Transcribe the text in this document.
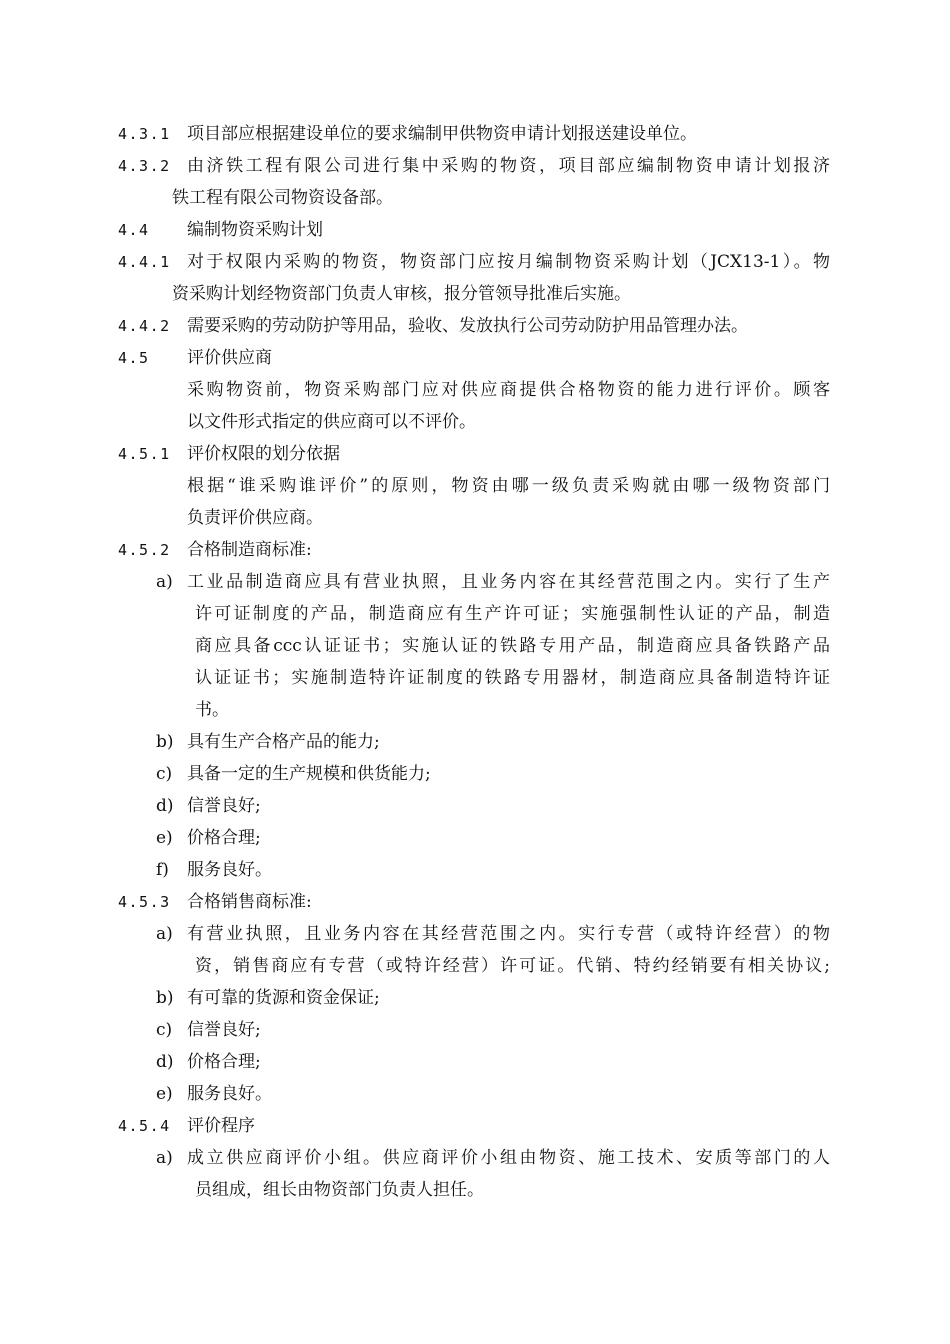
4.3.1 项目部应根据建设单位的要求编制甲供物资申请计划报送建设单位。
4.3.2 由济铁工程有限公司进行集中采购的物资，项目部应编制物资申请计划报济
铁工程有限公司物资设备部。
4.4 编制物资采购计划
4.4.1 对于权限内采购的物资，物资部门应按月编制物资采购计划（JCX13-1）。物
资采购计划经物资部门负责人审核，报分管领导批准后实施。
4.4.2 需要采购的劳动防护等用品，验收、发放执行公司劳动防护用品管理办法。
4.5 评价供应商
采购物资前，物资采购部门应对供应商提供合格物资的能力进行评价。顾客
以文件形式指定的供应商可以不评价。
4.5.1 评价权限的划分依据
根据“谁采购谁评价”的原则，物资由哪一级负责采购就由哪一级物资部门
负责评价供应商。
4.5.2 合格制造商标准:
a) 工业品制造商应具有营业执照，且业务内容在其经营范围之内。实行了生产
许可证制度的产品，制造商应有生产许可证；实施强制性认证的产品，制造
商应具备ccc认证证书；实施认证的铁路专用产品，制造商应具备铁路产品
认证证书；实施制造特许证制度的铁路专用器材，制造商应具备制造特许证
书。
b) 具有生产合格产品的能力;
c) 具备一定的生产规模和供货能力;
d) 信誉良好;
e) 价格合理;
f) 服务良好。
4.5.3 合格销售商标准:
a) 有营业执照，且业务内容在其经营范围之内。实行专营（或特许经营）的物
资，销售商应有专营（或特许经营）许可证。代销、特约经销要有相关协议;
b) 有可靠的货源和资金保证;
c) 信誉良好;
d) 价格合理;
e) 服务良好。
4.5.4 评价程序
a) 成立供应商评价小组。供应商评价小组由物资、施工技术、安质等部门的人
员组成，组长由物资部门负责人担任。
